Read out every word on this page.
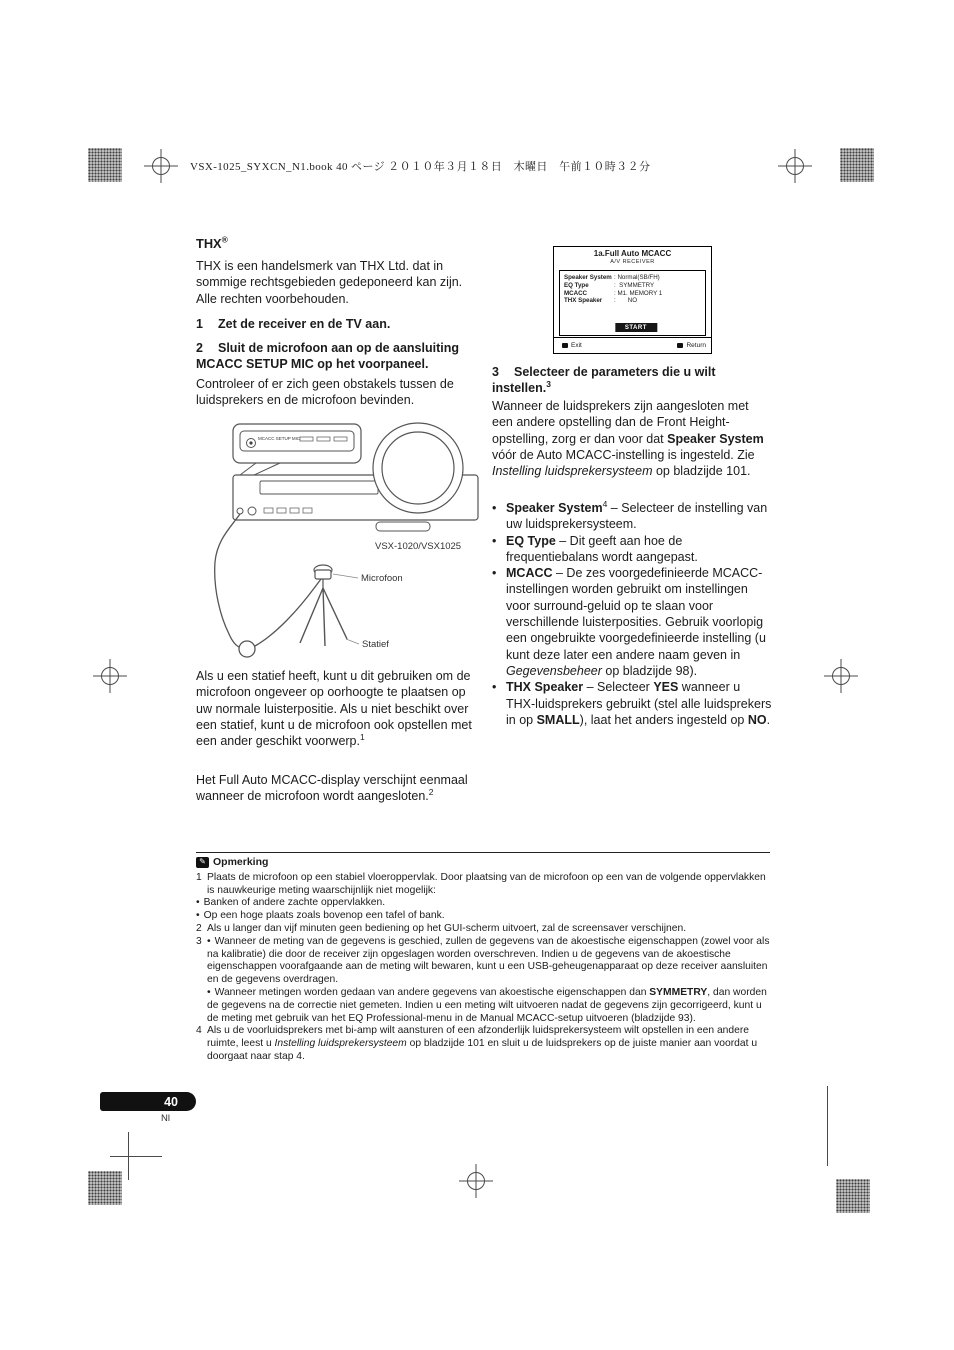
VSX-1025_SYXCN_N1.book 40 ページ ２０１０年３月１８日　木曜日　午前１０時３２分
THX®

THX is een handelsmerk van THX Ltd. dat in sommige rechtsgebieden gedeponeerd kan zijn. Alle rechten voorbehouden.

1 Zet de receiver en de TV aan.

2 Sluit de microfoon aan op de aansluiting MCACC SETUP MIC op het voorpaneel.

Controleer of er zich geen obstakels tussen de luidsprekers en de microfoon bevinden.

MCACC SETUP MIC
VSX-1020/VSX1025
Microfoon
Statief

Als u een statief heeft, kunt u dit gebruiken om de microfoon ongeveer op oorhoogte te plaatsen op uw normale luisterpositie. Als u niet beschikt over een statief, kunt u de microfoon ook opstellen met een ander geschikt voorwerp.$^1$

Het Full Auto MCACC-display verschijnt eenmaal wanneer de microfoon wordt aangesloten.$^2$

1a.Full Auto MCACC
A/V RECEIVER
Speaker System : Normal(SB/FH)
EQ Type	:  SYMMETRY
MCACC	: M1. MEMORY 1
THX Speaker	:       NO
START
Exit	Return

3 Selecteer de parameters die u wilt instellen.$^3$

Wanneer de luidsprekers zijn aangesloten met een andere opstelling dan de Front Height-opstelling, zorg er dan voor dat Speaker System vóór de Auto MCACC-instelling is ingesteld. Zie Instelling luidsprekersysteem op bladzijde 101.

• Speaker System$^4$ – Selecteer de instelling van uw luidsprekersysteem.

• EQ Type – Dit geeft aan hoe de frequentiebalans wordt aangepast.

• MCACC – De zes voorgedefinieerde MCACC-instellingen worden gebruikt om instellingen voor surround-geluid op te slaan voor verschillende luisterposities. Gebruik voorlopig een ongebruikte voorgedefinieerde instelling (u kunt deze later een andere naam geven in Gegevensbeheer op bladzijde 98).

• THX Speaker – Selecteer YES wanneer u THX-luidsprekers gebruikt (stel alle luidsprekers in op SMALL), laat het anders ingesteld op NO.

✎ Opmerking

1 Plaats de microfoon op een stabiel vloeroppervlak. Door plaatsing van de microfoon op een van de volgende oppervlakken is nauwkeurige meting waarschijnlijk niet mogelijk:

• Banken of andere zachte oppervlakken.

• Op een hoge plaats zoals bovenop een tafel of bank.

2 Als u langer dan vijf minuten geen bediening op het GUI-scherm uitvoert, zal de screensaver verschijnen.

3 • Wanneer de meting van de gegevens is geschied, zullen de gegevens van de akoestische eigenschappen (zowel voor als na kalibratie) die door de receiver zijn opgeslagen worden overschreven. Indien u de gegevens van de akoestische eigenschappen voorafgaande aan de meting wilt bewaren, kunt u een USB-geheugenapparaat op deze receiver aansluiten en de gegevens overdragen.

• Wanneer metingen worden gedaan van andere gegevens van akoestische eigenschappen dan SYMMETRY, dan worden de gegevens na de correctie niet gemeten. Indien u een meting wilt uitvoeren nadat de gegevens zijn gecorrigeerd, kunt u de meting met gebruik van het EQ Professional-menu in de Manual MCACC-setup uitvoeren (bladzijde 93).

4 Als u de voorluidsprekers met bi-amp wilt aansturen of een afzonderlijk luidsprekersysteem wilt opstellen in een andere ruimte, leest u Instelling luidsprekersysteem op bladzijde 101 en sluit u de luidsprekers op de juiste manier aan voordat u doorgaat naar stap 4.

40
Nl
